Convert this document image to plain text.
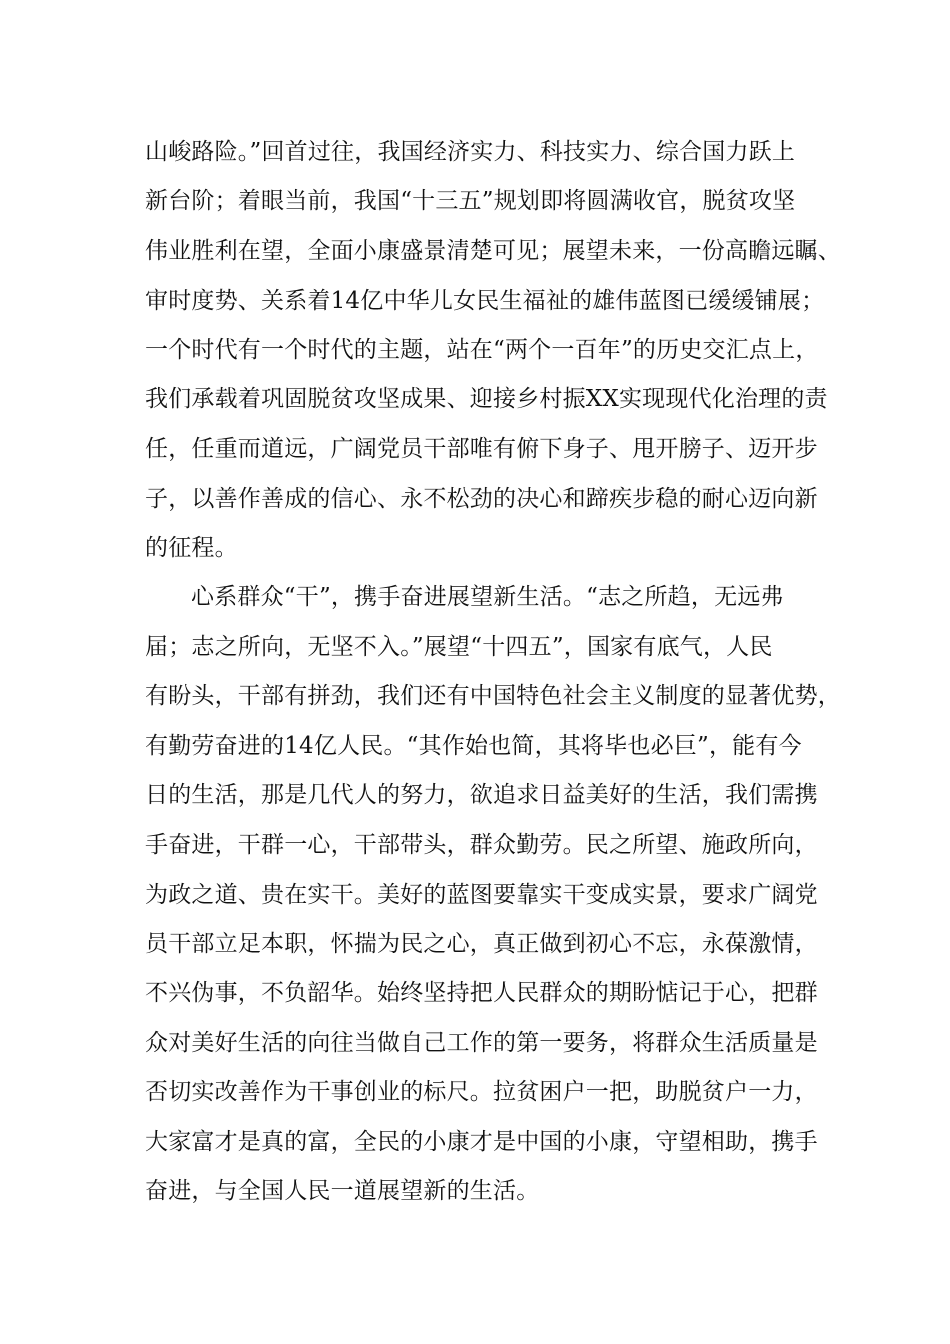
山峻路险。”回首过往，我国经济实力、科技实力、综合国力跃上
新台阶；着眼当前，我国“十三五”规划即将圆满收官，脱贫攻坚
伟业胜利在望，全面小康盛景清楚可见；展望未来，一份高瞻远瞩、
审时度势、关系着14亿中华儿女民生福祉的雄伟蓝图已缓缓铺展；
一个时代有一个时代的主题，站在“两个一百年”的历史交汇点上，
我们承载着巩固脱贫攻坚成果、迎接乡村振XX实现现代化治理的责
任，任重而道远，广阔党员干部唯有俯下身子、甩开膀子、迈开步
子，以善作善成的信心、永不松劲的决心和蹄疾步稳的耐心迈向新
的征程。
心系群众“干”，携手奋进展望新生活。“志之所趋，无远弗
届；志之所向，无坚不入。”展望“十四五”，国家有底气，人民
有盼头，干部有拼劲，我们还有中国特色社会主义制度的显著优势，
有勤劳奋进的14亿人民。“其作始也简，其将毕也必巨”，能有今
日的生活，那是几代人的努力，欲追求日益美好的生活，我们需携
手奋进，干群一心，干部带头，群众勤劳。民之所望、施政所向，
为政之道、贵在实干。美好的蓝图要靠实干变成实景，要求广阔党
员干部立足本职，怀揣为民之心，真正做到初心不忘，永葆激情，
不兴伪事，不负韶华。始终坚持把人民群众的期盼惦记于心，把群
众对美好生活的向往当做自己工作的第一要务，将群众生活质量是
否切实改善作为干事创业的标尺。拉贫困户一把，助脱贫户一力，
大家富才是真的富，全民的小康才是中国的小康，守望相助，携手
奋进，与全国人民一道展望新的生活。
